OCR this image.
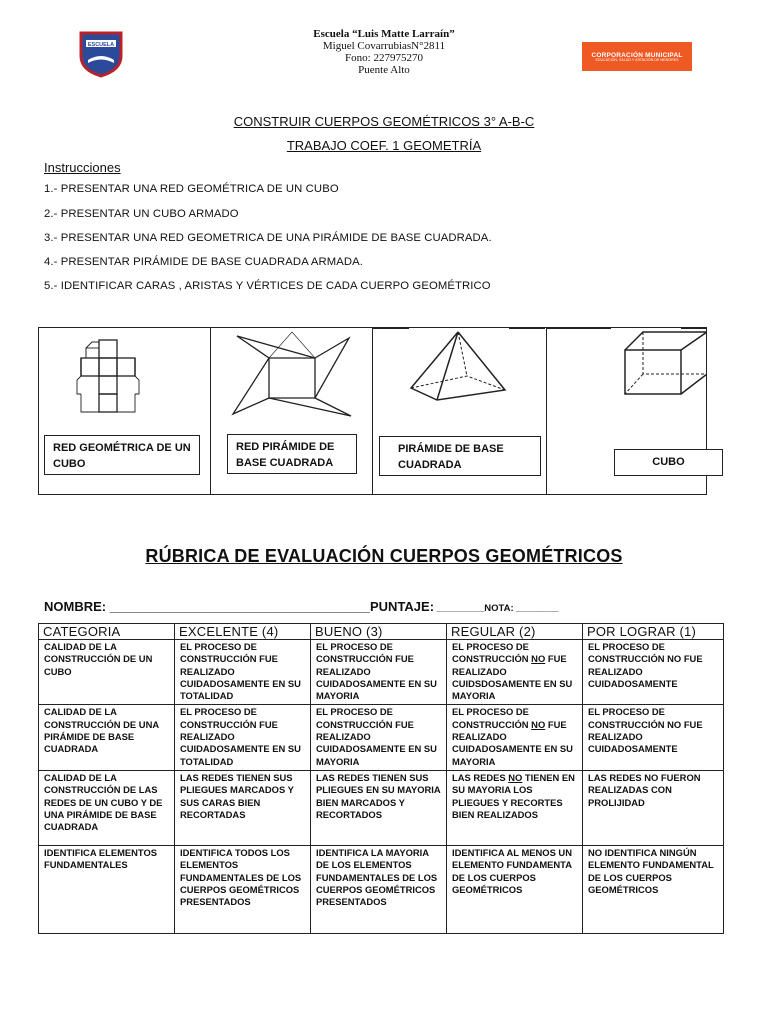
ESCUELA
CORPORACIÓN MUNICIPAL
EDUCACIÓN, SALUD Y ATENCIÓN DE MENORES
Escuela “Luis Matte Larraín”
Miguel CovarrubiasN°2811
Fono: 227975270
Puente Alto
CONSTRUIR CUERPOS GEOMÉTRICOS 3° A-B-C
TRABAJO COEF. 1 GEOMETRÍA
Instrucciones
1.- PRESENTAR UNA RED GEOMÉTRICA DE UN CUBO
2.- PRESENTAR UN CUBO ARMADO
3.- PRESENTAR UNA RED GEOMETRICA DE UNA PIRÁMIDE DE BASE CUADRADA.
4.- PRESENTAR PIRÁMIDE DE BASE CUADRADA ARMADA.
5.- IDENTIFICAR CARAS , ARISTAS Y VÉRTICES DE CADA CUERPO GEOMÉTRICO
RED GEOMÉTRICA DE UN CUBO
RED PIRÁMIDE DE BASE CUADRADA
PIRÁMIDE DE BASE CUADRADA	CUBO
RÚBRICA DE EVALUACIÓN CUERPOS GEOMÉTRICOS
NOMBRE: ____________________________________PUNTAJE: _________NOTA: ________
CATEGORIA	EXCELENTE (4)	BUENO (3)	REGULAR (2)	POR LOGRAR (1)
CALIDAD DE LA CONSTRUCCIÓN DE UN CUBO	EL PROCESO DE CONSTRUCCIÓN FUE REALIZADO CUIDADOSAMENTE EN SU TOTALIDAD	EL PROCESO DE CONSTRUCCIÓN FUE REALIZADO CUIDADOSAMENTE EN SU MAYORIA	EL PROCESO DE CONSTRUCCIÓN NO FUE REALIZADO CUIDSDOSAMENTE EN SU MAYORIA	EL PROCESO DE CONSTRUCCIÓN NO FUE REALIZADO CUIDADOSAMENTE
CALIDAD DE LA CONSTRUCCIÓN DE UNA PIRÁMIDE DE BASE CUADRADA	EL PROCESO DE CONSTRUCCIÓN FUE REALIZADO CUIDADOSAMENTE EN SU TOTALIDAD	EL PROCESO DE CONSTRUCCIÓN FUE REALIZADO CUIDADOSAMENTE EN SU MAYORIA	EL PROCESO DE CONSTRUCCIÓN NO FUE REALIZADO CUIDADOSAMENTE EN SU MAYORIA	EL PROCESO DE CONSTRUCCIÓN NO FUE REALIZADO CUIDADOSAMENTE
CALIDAD DE LA CONSTRUCCIÓN DE LAS REDES DE UN CUBO Y DE UNA PIRÁMIDE DE BASE CUADRADA	LAS REDES TIENEN SUS PLIEGUES MARCADOS Y SUS CARAS BIEN RECORTADAS	LAS REDES TIENEN SUS PLIEGUES EN SU MAYORIA BIEN MARCADOS Y RECORTADOS	LAS REDES NO TIENEN EN SU MAYORIA LOS PLIEGUES Y RECORTES BIEN REALIZADOS	LAS REDES NO FUERON REALIZADAS CON PROLIJIDAD
IDENTIFICA ELEMENTOS FUNDAMENTALES	IDENTIFICA TODOS LOS ELEMENTOS FUNDAMENTALES DE LOS CUERPOS GEOMÉTRICOS PRESENTADOS	IDENTIFICA LA MAYORIA DE LOS ELEMENTOS FUNDAMENTALES DE LOS CUERPOS GEOMÉTRICOS PRESENTADOS	IDENTIFICA AL MENOS UN ELEMENTO FUNDAMENTA DE LOS CUERPOS GEOMÉTRICOS	NO IDENTIFICA NINGÚN ELEMENTO FUNDAMENTAL DE LOS CUERPOS GEOMÉTRICOS
